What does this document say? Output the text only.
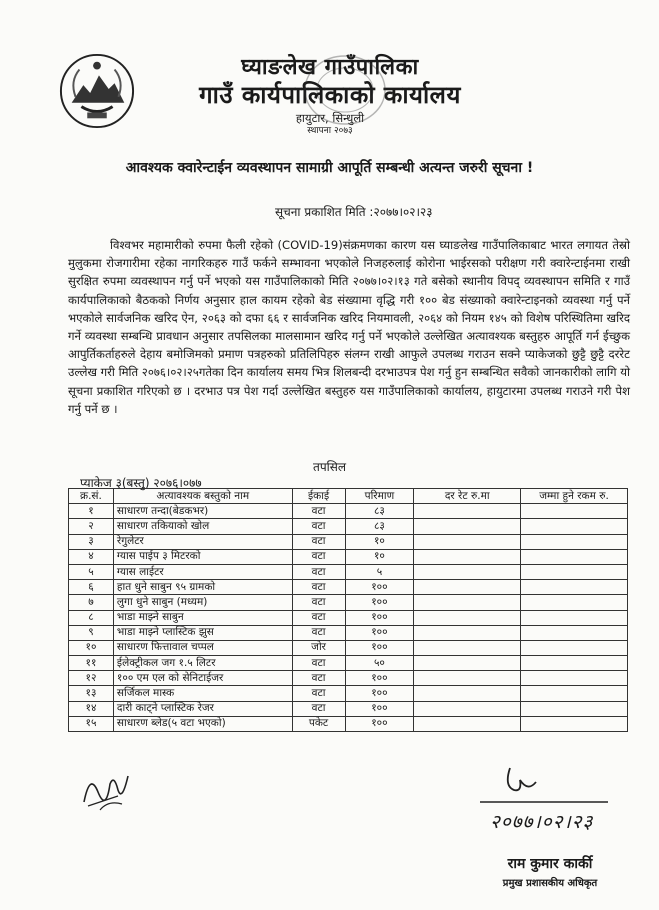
घ्याङलेख गाउँपालिका
गाउँ कार्यपालिकाको कार्यालय
हायुटार, सिन्धुली
स्थापना २०७३
आवश्यक क्वारेन्टाईन व्यवस्थापन सामाग्री आपूर्ति सम्बन्धी अत्यन्त जरुरी सूचना !
सूचना प्रकाशित मिति :२०७७।०२।२३
विश्वभर महामारीको रुपमा फैली रहेको (COVID-19)संक्रमणका कारण यस घ्याङलेख गाउँपालिकाबाट भारत लगायत तेस्रो मुलुकमा रोजगारीमा रहेका नागरिकहरु गाउँ फर्कने सम्भावना भएकोले निजहरुलाई कोरोना भाईरसको परीक्षण गरी क्वारेन्टाईनमा राखी सुरक्षित रुपमा व्यवस्थापन गर्नु पर्ने भएको यस गाउँपालिकाको मिति २०७७।०२।१३ गते बसेको स्थानीय विपद् व्यवस्थापन समिति र गाउँ कार्यपालिकाको बैठकको निर्णय अनुसार हाल कायम रहेको बेड संख्यामा वृद्धि गरी १०० बेड संख्याको क्वारेन्टाइनको व्यवस्था गर्नु पर्ने भएकोले सार्वजनिक खरिद ऐन, २०६३ को दफा ६६ र सार्वजनिक खरिद नियमावली, २०६४ को नियम १४५ को विशेष परिस्थितिमा खरिद गर्ने व्यवस्था सम्बन्धि प्रावधान अनुसार तपसिलका मालसामान खरिद गर्नु पर्ने भएकोले उल्लेखित अत्यावश्यक बस्तुहरु आपूर्ति गर्न ईच्छुक आपुर्तिकर्ताहरुले देहाय बमोजिमको प्रमाण पत्रहरुको प्रतिलिपिहरु संलग्न राखी आफुले उपलब्ध गराउन सक्ने प्याकेजको छुट्टै छुट्टै दररेट उल्लेख गरी मिति २०७६।०२।२५गतेका दिन कार्यालय समय भित्र शिलबन्दी दरभाउपत्र पेश गर्नु हुन सम्बन्धित सवैको जानकारीको लागि यो सूचना प्रकाशित गरिएको छ । दरभाउ पत्र पेश गर्दा उल्लेखित बस्तुहरु यस गाउँपालिकाको कार्यालय, हायुटारमा उपलब्ध गराउने गरी पेश गर्नु पर्ने छ ।
तपसिल
प्याकेज ३(बस्तु) २०७६।०७७
क्र.सं.	अत्यावश्यक बस्तुको नाम	ईकाई	परिमाण	दर रेट रु.मा	जम्मा हुने रकम रु.
१	साधारण तन्दा(बेडकभर)	वटा	८३		
२	साधारण तकियाको खोल	वटा	८३		
३	रेगुलेटर	वटा	१०		
४	ग्यास पाईप ३ मिटरको	वटा	१०		
५	ग्यास लाईटर	वटा	५		
६	हात धुने साबुन ९५ ग्रामको	वटा	१००		
७	लुगा धुने साबुन (मध्यम)	वटा	१००		
८	भाडा माझ्ने साबुन	वटा	१००		
९	भाडा माझ्ने प्लास्टिक झुस	वटा	१००		
१०	साधारण फित्तावाल चप्पल	जोर	१००		
११	ईलेक्ट्रीकल जग १.५ लिटर	वटा	५०		
१२	१०० एम एल को सेनिटाईजर	वटा	१००		
१३	सर्जिकल मास्क	वटा	१००		
१४	दारी काट्ने प्लास्टिक रेजर	वटा	१००		
१५	साधारण ब्लेड(५ वटा भएको)	पकेट	१००		
२०७७।०२।२३
राम कुमार कार्की
प्रमुख प्रशासकीय अधिकृत
